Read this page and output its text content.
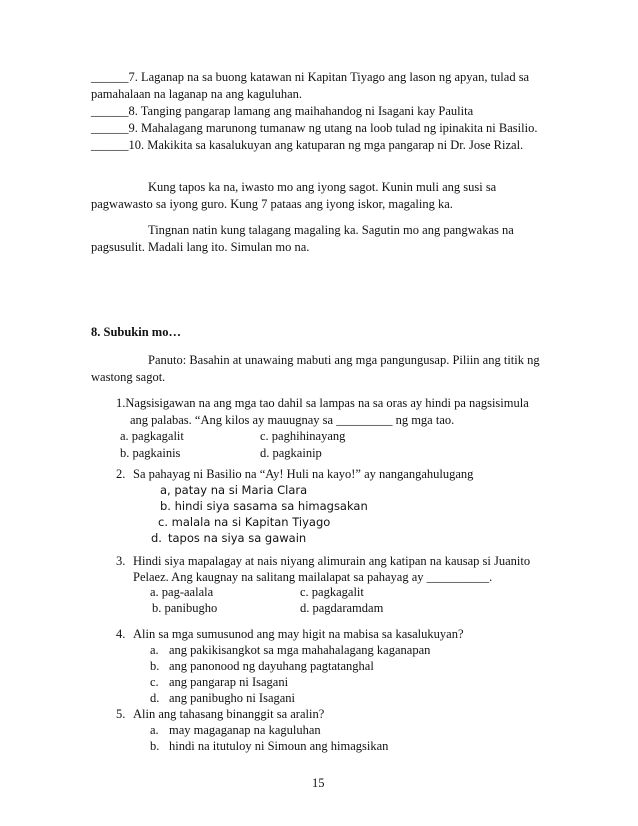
______7. Laganap na sa buong katawan ni Kapitan Tiyago ang lason ng apyan, tulad sa
pamahalaan na laganap na ang kaguluhan.
______8. Tanging pangarap lamang ang maihahandog ni Isagani kay Paulita
______9. Mahalagang marunong tumanaw ng utang na loob tulad ng ipinakita ni Basilio.
______10. Makikita sa kasalukuyan ang katuparan ng mga pangarap ni Dr. Jose Rizal.
Kung tapos ka na, iwasto mo ang iyong sagot. Kunin muli ang susi sa
pagwawasto sa iyong guro. Kung 7 pataas ang iyong iskor, magaling ka.
Tingnan natin kung talagang magaling ka. Sagutin mo ang pangwakas na
pagsusulit. Madali lang ito. Simulan mo na.
8. Subukin mo…
Panuto: Basahin at unawaing mabuti ang mga pangungusap. Piliin ang titik ng
wastong sagot.
1.Nagsisigawan na ang mga tao dahil sa lampas na sa oras ay hindi pa nagsisimula
ang palabas. “Ang kilos ay mauugnay sa _________ ng mga tao.
a. pagkagalit	c. paghihinayang
b. pagkainis	d. pagkainip
2. Sa pahayag ni Basilio na “Ay! Huli na kayo!” ay nangangahulugang
a, patay na si Maria Clara
b. hindi siya sasama sa himagsakan
c. malala na si Kapitan Tiyago
d. tapos na siya sa gawain
3. Hindi siya mapalagay at nais niyang alimurain ang katipan na kausap si Juanito
Pelaez. Ang kaugnay na salitang mailalapat sa pahayag ay __________.
a. pag-aalala	c. pagkagalit
b. panibugho	d. pagdaramdam
4. Alin sa mga sumusunod ang may higit na mabisa sa kasalukuyan?
a. ang pakikisangkot sa mga mahahalagang kaganapan
b. ang panonood ng dayuhang pagtatanghal
c. ang pangarap ni Isagani
d. ang panibugho ni Isagani
5. Alin ang tahasang binanggit sa aralin?
a. may magaganap na kaguluhan
b. hindi na itutuloy ni Simoun ang himagsikan
15
